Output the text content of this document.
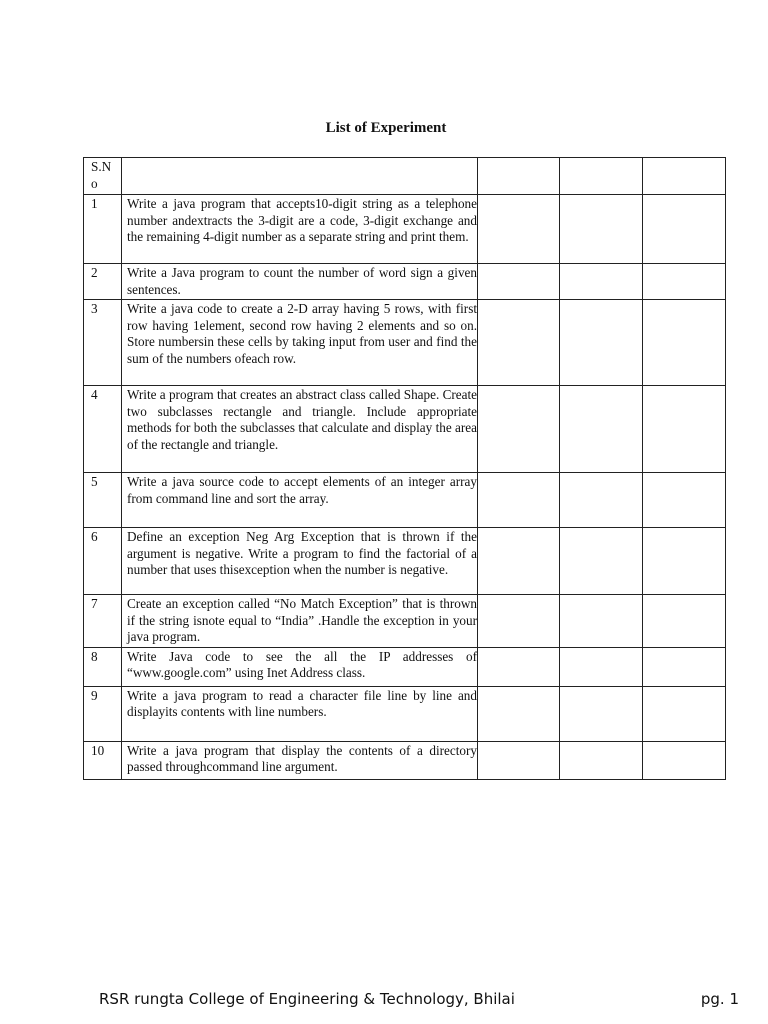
List of Experiment
S.N o				
1	Write a java program that accepts10-digit string as a telephone number andextracts the 3-digit are a code, 3-digit exchange and the remaining 4-digit number as a separate string and print them.			
2	Write a Java program to count the number of word sign a given sentences.			
3	Write a java code to create a 2-D array having 5 rows, with first row having 1element, second row having 2 elements and so on. Store numbersin these cells by taking input from user and find the sum of the numbers ofeach row.			
4	Write a program that creates an abstract class called Shape. Create two subclasses rectangle and triangle. Include appropriate methods for both the subclasses that calculate and display the area of the rectangle and triangle.			
5	Write a java source code to accept elements of an integer array from command line and sort the array.			
6	Define an exception Neg Arg Exception that is thrown if the argument is negative. Write a program to find the factorial of a number that uses thisexception when the number is negative.			
7	Create an exception called “No Match Exception” that is thrown if the string isnote equal to “India” .Handle the exception in your java program.			
8	Write Java code to see the all the IP addresses of “www.google.com” using Inet Address class.			
9	Write a java program to read a character file line by line and displayits contents with line numbers.			
10	Write a java program that display the contents of a directory passed throughcommand line argument.			

RSR rungta College of Engineering & Technology, Bhilai	pg. 1
